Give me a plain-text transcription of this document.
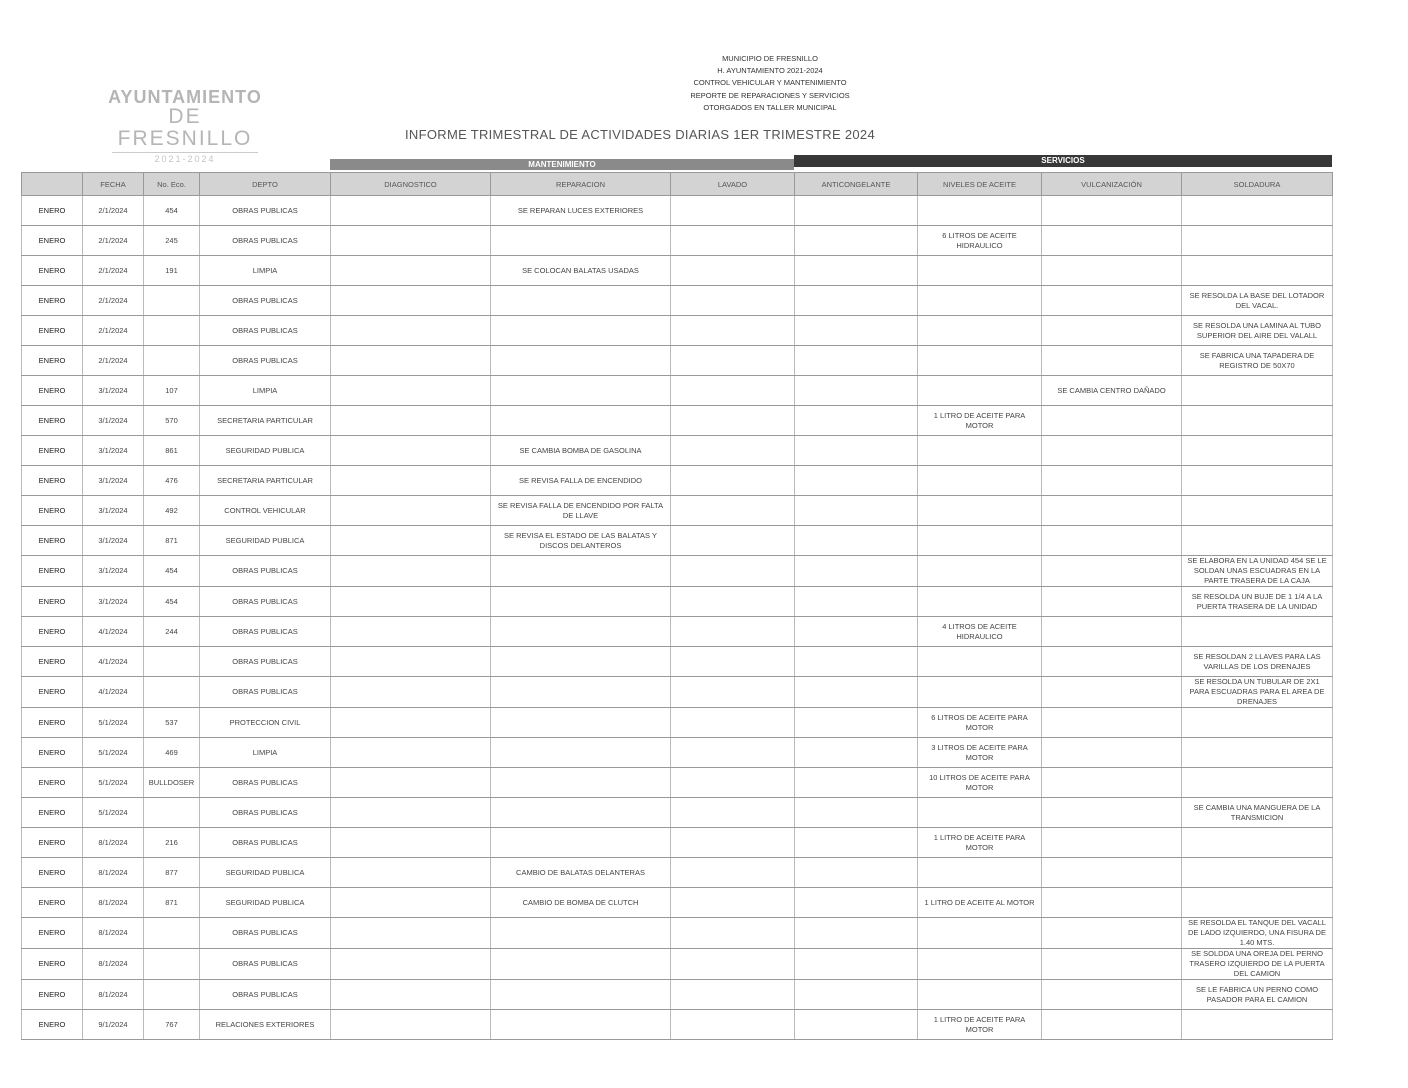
AYUNTAMIENTO
DE FRESNILLO
2021-2024
MUNICIPIO DE FRESNILLO
H. AYUNTAMIENTO 2021-2024
CONTROL VEHICULAR Y MANTENIMIENTO
REPORTE DE REPARACIONES Y SERVICIOS
OTORGADOS EN TALLER MUNICIPAL
INFORME TRIMESTRAL DE ACTIVIDADES DIARIAS 1ER TRIMESTRE 2024
MANTENIMIENTO	SERVICIOS
	FECHA	No. Eco.	DEPTO	DIAGNOSTICO	REPARACION	LAVADO	ANTICONGELANTE	NIVELES DE ACEITE	VULCANIZACIÓN	SOLDADURA
ENERO	2/1/2024	454	OBRAS PUBLICAS		SE REPARAN LUCES EXTERIORES					
ENERO	2/1/2024	245	OBRAS PUBLICAS					6 LITROS DE ACEITE HIDRAULICO		
ENERO	2/1/2024	191	LIMPIA		SE COLOCAN BALATAS USADAS					
ENERO	2/1/2024		OBRAS PUBLICAS							SE RESOLDA LA BASE DEL LOTADOR DEL VACAL.
ENERO	2/1/2024		OBRAS PUBLICAS							SE RESOLDA UNA LAMINA AL TUBO SUPERIOR DEL AIRE DEL VALALL
ENERO	2/1/2024		OBRAS PUBLICAS							SE FABRICA UNA TAPADERA DE REGISTRO DE 50X70
ENERO	3/1/2024	107	LIMPIA						SE CAMBIA CENTRO DAÑADO	
ENERO	3/1/2024	570	SECRETARIA PARTICULAR					1 LITRO DE ACEITE PARA MOTOR		
ENERO	3/1/2024	861	SEGURIDAD PUBLICA		SE CAMBIA BOMBA DE GASOLINA					
ENERO	3/1/2024	476	SECRETARIA PARTICULAR		SE REVISA FALLA DE ENCENDIDO					
ENERO	3/1/2024	492	CONTROL VEHICULAR		SE REVISA FALLA DE ENCENDIDO POR FALTA DE LLAVE					
ENERO	3/1/2024	871	SEGURIDAD PUBLICA		SE REVISA EL ESTADO DE LAS BALATAS Y DISCOS DELANTEROS					
ENERO	3/1/2024	454	OBRAS PUBLICAS							SE ELABORA EN LA UNIDAD 454 SE LE SOLDAN UNAS ESCUADRAS EN LA PARTE TRASERA DE LA CAJA
ENERO	3/1/2024	454	OBRAS PUBLICAS							SE RESOLDA UN BUJE DE 1 1/4 A LA PUERTA TRASERA DE LA UNIDAD
ENERO	4/1/2024	244	OBRAS PUBLICAS					4 LITROS DE ACEITE HIDRAULICO		
ENERO	4/1/2024		OBRAS PUBLICAS							SE RESOLDAN 2 LLAVES PARA LAS VARILLAS DE LOS DRENAJES
ENERO	4/1/2024		OBRAS PUBLICAS							SE RESOLDA UN TUBULAR DE 2X1 PARA ESCUADRAS PARA EL AREA DE DRENAJES
ENERO	5/1/2024	537	PROTECCION CIVIL					6 LITROS DE ACEITE PARA MOTOR		
ENERO	5/1/2024	469	LIMPIA					3 LITROS DE ACEITE PARA MOTOR		
ENERO	5/1/2024	BULLDOSER	OBRAS PUBLICAS					10 LITROS DE ACEITE PARA MOTOR		
ENERO	5/1/2024		OBRAS PUBLICAS							SE CAMBIA UNA MANGUERA DE LA TRANSMICION
ENERO	8/1/2024	216	OBRAS PUBLICAS					1 LITRO DE ACEITE PARA MOTOR		
ENERO	8/1/2024	877	SEGURIDAD PUBLICA		CAMBIO DE BALATAS DELANTERAS					
ENERO	8/1/2024	871	SEGURIDAD PUBLICA		CAMBIO DE BOMBA DE CLUTCH			1 LITRO DE ACEITE AL MOTOR		
ENERO	8/1/2024		OBRAS PUBLICAS							SE RESOLDA EL TANQUE DEL VACALL DE LADO IZQUIERDO, UNA FISURA DE 1.40 MTS.
ENERO	8/1/2024		OBRAS PUBLICAS							SE SOLDDA UNA OREJA DEL PERNO TRASERO IZQUIERDO DE LA PUERTA DEL CAMION
ENERO	8/1/2024		OBRAS PUBLICAS							SE LE FABRICA UN PERNO COMO PASADOR PARA EL CAMION
ENERO	9/1/2024	767	RELACIONES EXTERIORES					1 LITRO DE ACEITE PARA MOTOR		
